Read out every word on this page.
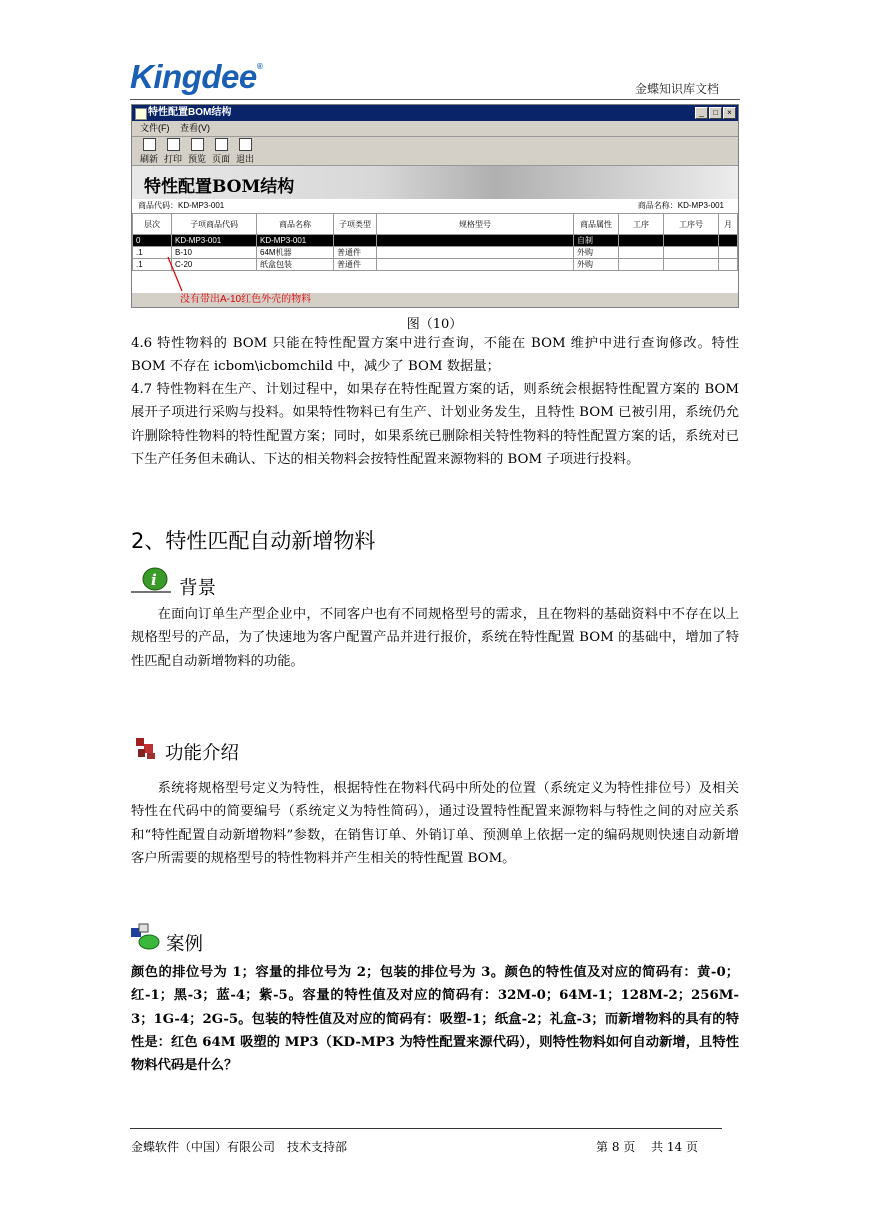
Kingdee®
金蝶知识库文档
特性配置BOM结构	_	□	×
文件(F) 查看(V)
刷新 打印 预览 页面 退出
特性配置BOM结构
商品代码：KD-MP3-001	商品名称：KD-MP3-001
层次	子项商品代码	商品名称	子项类型	规格型号	商品属性	工序	工序号	月
0	KD-MP3-001	KD-MP3-001			自制			
.1	B-10	64M机器	普通件		外购			
.1	C-20	纸盒包装	普通件		外购			
没有带出A-10红色外壳的物料
图（10）
4.6 特性物料的 BOM 只能在特性配置方案中进行查询，不能在 BOM 维护中进行查询修改。特性 BOM 不存在 icbom\icbomchild 中，减少了 BOM 数据量；
4.7 特性物料在生产、计划过程中，如果存在特性配置方案的话，则系统会根据特性配置方案的 BOM 展开子项进行采购与投料。如果特性物料已有生产、计划业务发生，且特性 BOM 已被引用，系统仍允许删除特性物料的特性配置方案；同时，如果系统已删除相关特性物料的特性配置方案的话，系统对已下生产任务但未确认、下达的相关物料会按特性配置来源物料的 BOM 子项进行投料。
2、特性匹配自动新增物料
i 背景
在面向订单生产型企业中，不同客户也有不同规格型号的需求，且在物料的基础资料中不存在以上规格型号的产品，为了快速地为客户配置产品并进行报价，系统在特性配置 BOM 的基础中，增加了特性匹配自动新增物料的功能。
功能介绍
系统将规格型号定义为特性，根据特性在物料代码中所处的位置（系统定义为特性排位号）及相关特性在代码中的简要编号（系统定义为特性简码），通过设置特性配置来源物料与特性之间的对应关系和“特性配置自动新增物料”参数，在销售订单、外销订单、预测单上依据一定的编码规则快速自动新增客户所需要的规格型号的特性物料并产生相关的特性配置 BOM。
案例
颜色的排位号为 1；容量的排位号为 2；包装的排位号为 3。颜色的特性值及对应的简码有：黄-0；红-1；黑-3；蓝-4；紫-5。容量的特性值及对应的简码有：32M-0；64M-1；128M-2；256M-3；1G-4；2G-5。包装的特性值及对应的简码有：吸塑-1；纸盒-2；礼盒-3；而新增物料的具有的特性是：红色 64M 吸塑的 MP3（KD-MP3 为特性配置来源代码），则特性物料如何自动新增，且特性物料代码是什么？
金蝶软件（中国）有限公司　技术支持部	第 8 页　 共 14 页
